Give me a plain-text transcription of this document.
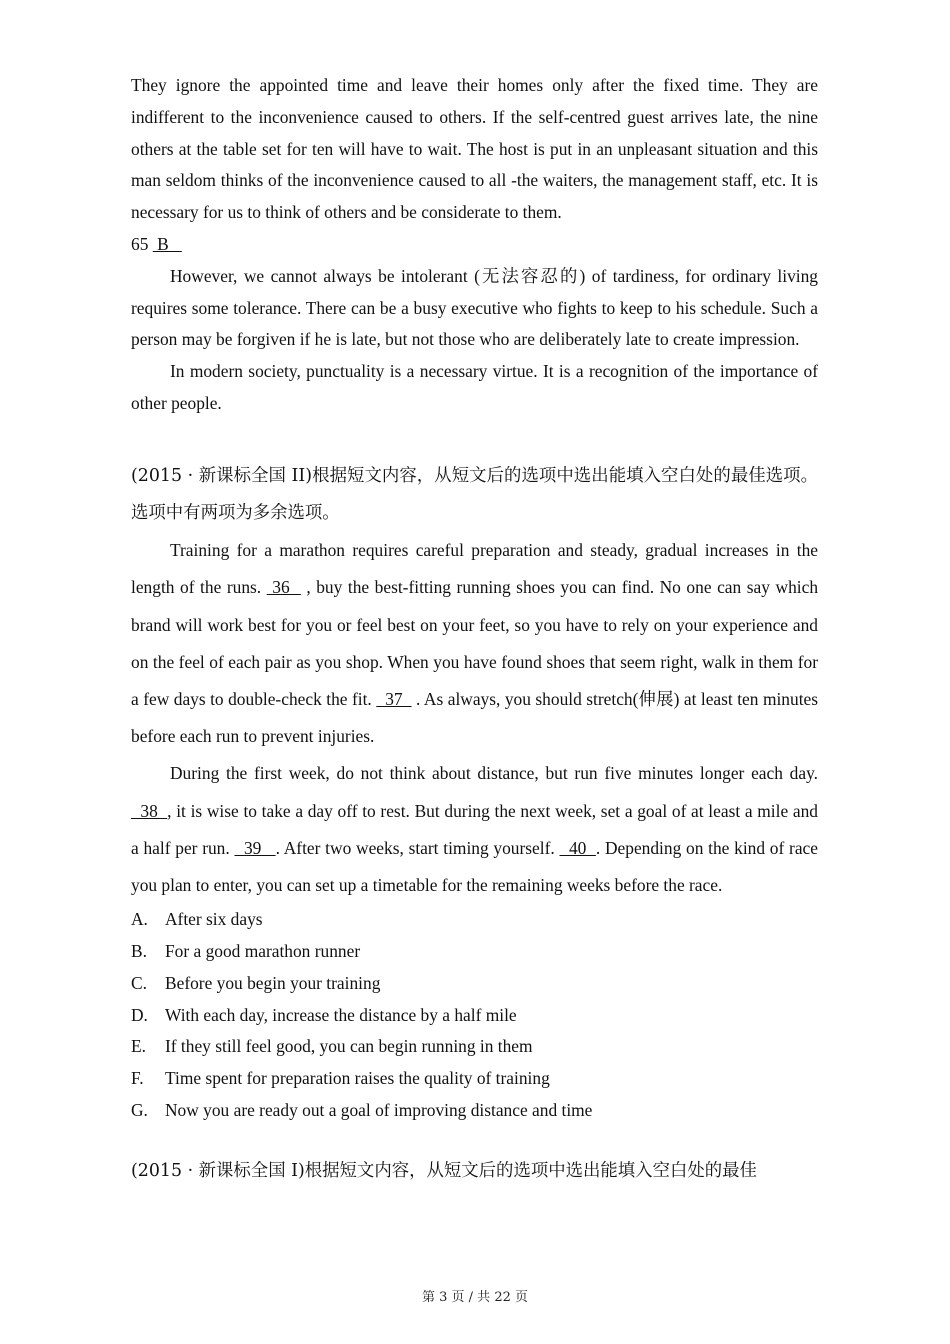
They ignore the appointed time and leave their homes only after the fixed time. They are indifferent to the inconvenience caused to others. If the self-centred guest arrives late, the nine others at the table set for ten will have to wait. The host is put in an unpleasant situation and this man seldom thinks of the inconvenience caused to all -the waiters, the management staff, etc. It is necessary for us to think of others and be considerate to them.
65  B

However, we cannot always be intolerant (无法容忍的) of tardiness, for ordinary living requires some tolerance. There can be a busy executive who fights to keep to his schedule. Such a person may be forgiven if he is late, but not those who are deliberately late to create impression.

In modern society, punctuality is a necessary virtue. It is a recognition of the importance of other people.

(2015 · 新课标全国 II)根据短文内容，从短文后的选项中选出能填入空白处的最佳选项。选项中有两项为多余选项。

Training for a marathon requires careful preparation and steady, gradual increases in the length of the runs.  36   , buy the best-fitting running shoes you can find. No one can say which brand will work best for you or feel best on your feet, so you have to rely on your experience and on the feel of each pair as you shop. When you have found shoes that seem right, walk in them for a few days to double-check the fit.   37   . As always, you should stretch(伸展) at least ten minutes before each run to prevent injuries.

During the first week, do not think about distance, but run five minutes longer each day.   38  , it is wise to take a day off to rest. But during the next week, set a goal of at least a mile and a half per run.   39   . After two weeks, start timing yourself.   40  . Depending on the kind of race you plan to enter, you can set up a timetable for the remaining weeks before the race.

A. After six days
B.	For a good marathon runner
C.	Before you begin your training
D. With each day, increase the distance by a half mile
E.	If they still feel good, you can begin running in them
F.	Time spent for preparation raises the quality of training
G. Now you are ready out a goal of improving distance and time

(2015 · 新课标全国 I)根据短文内容，从短文后的选项中选出能填入空白处的最佳

第 3 页 / 共 22 页
